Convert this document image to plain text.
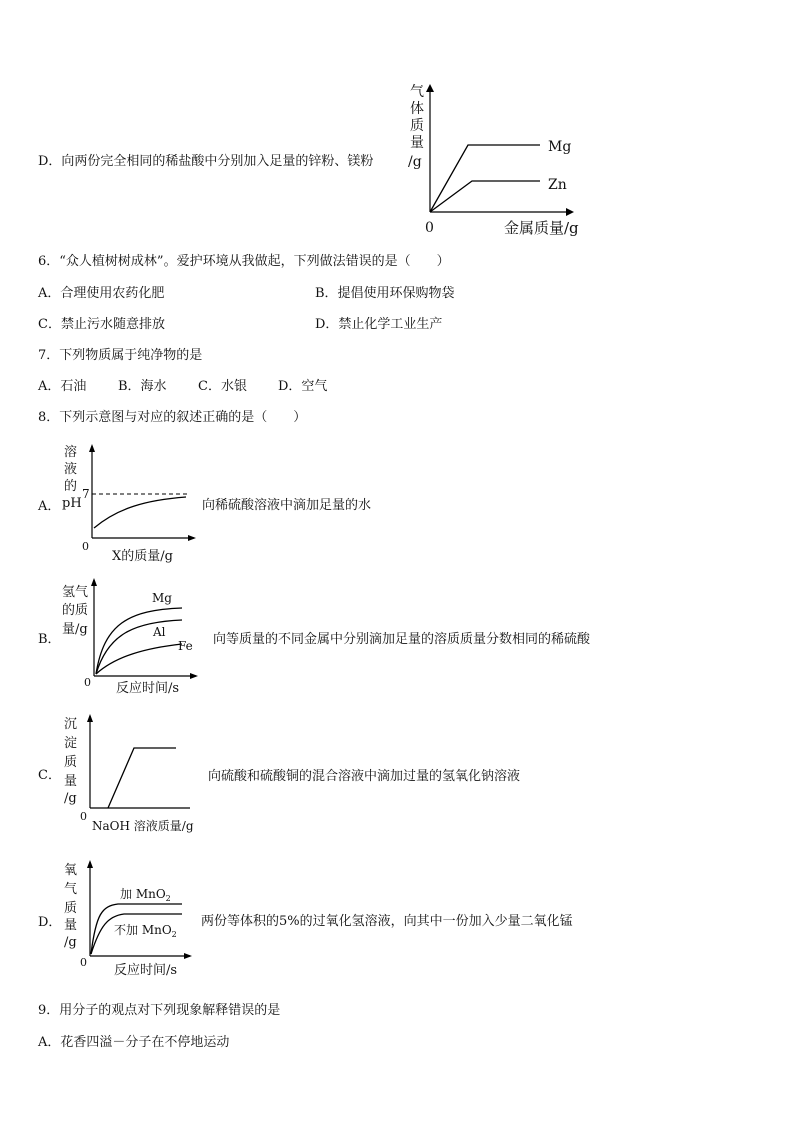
D．向两份完全相同的稀盐酸中分别加入足量的锌粉、镁粉
气
体
质
量
/g
Mg
Zn
0	金属质量/g
6．“众人植树树成林”。爱护环境从我做起，下列做法错误的是（　　）
A．合理使用农药化肥	B．提倡使用环保购物袋
C．禁止污水随意排放	D．禁止化学工业生产
7．下列物质属于纯净物的是
A．石油 B．海水 C．水银 D．空气
8．下列示意图与对应的叙述正确的是（　　）
A．
溶
液
的
pH
7
0
X的质量/g
向稀硫酸溶液中滴加足量的水
B．
氢气
的质
量/g
Mg
Al
Fe
0 反应时间/s
向等质量的不同金属中分别滴加足量的溶质质量分数相同的稀硫酸
C．
沉
淀
质
量
/g
0
NaOH 溶液质量/g
向硫酸和硫酸铜的混合溶液中滴加过量的氢氧化钠溶液
D．
氧
气
质
量
/g
加 MnO$_2$
不加 MnO$_2$
0
反应时间/s
两份等体积的5%的过氧化氢溶液，向其中一份加入少量二氧化锰
9．用分子的观点对下列现象解释错误的是
A．花香四溢－分子在不停地运动
